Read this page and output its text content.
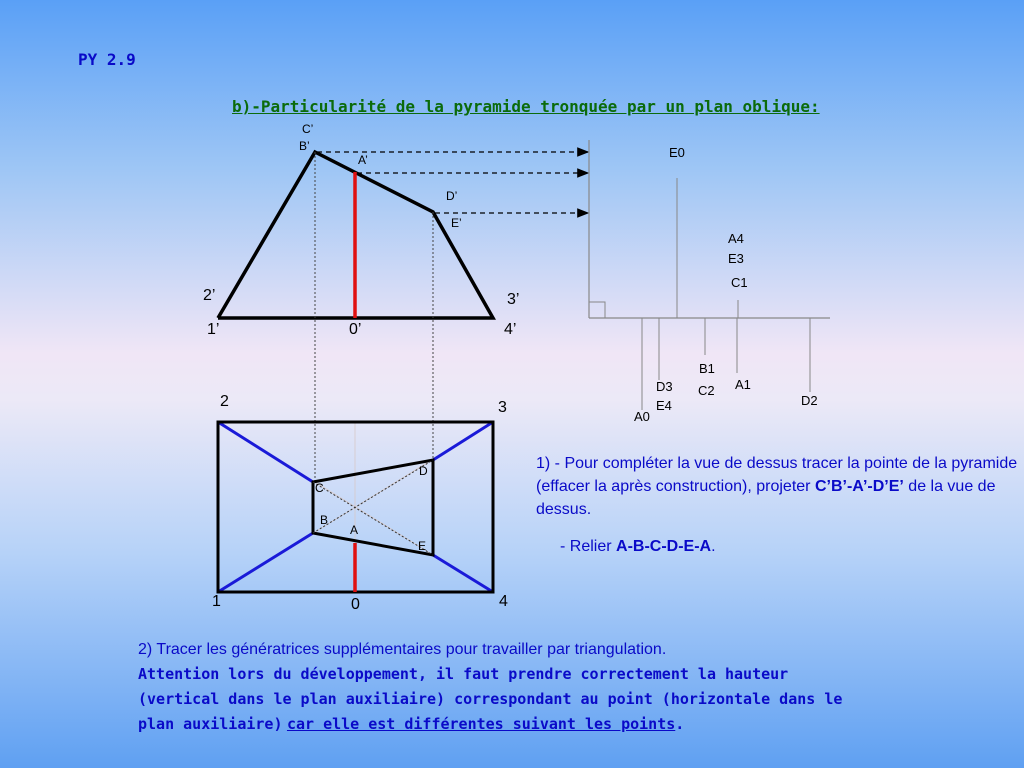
PY 2.9
b)-Particularité de la pyramide tronquée par un plan oblique:
C’
B’
A’
D’
E’
2’	3’
1’	0’	4’
E0
A4
E3
C1
B1
D3 C2 A1
E4
A0
D2
2	3
1	0	4
D
C
B
A
E
1) - Pour compléter la vue de dessus tracer la pointe de la pyramide (effacer la après construction), projeter C’B’-A’-D’E’ de la vue de dessus.
- Relier A-B-C-D-E-A.
2) Tracer les génératrices supplémentaires pour travailler par triangulation.
Attention lors du développement, il faut prendre correctement la hauteur (vertical dans le plan auxiliaire) correspondant au point (horizontale dans le plan auxiliaire) car elle est différentes suivant les points.
